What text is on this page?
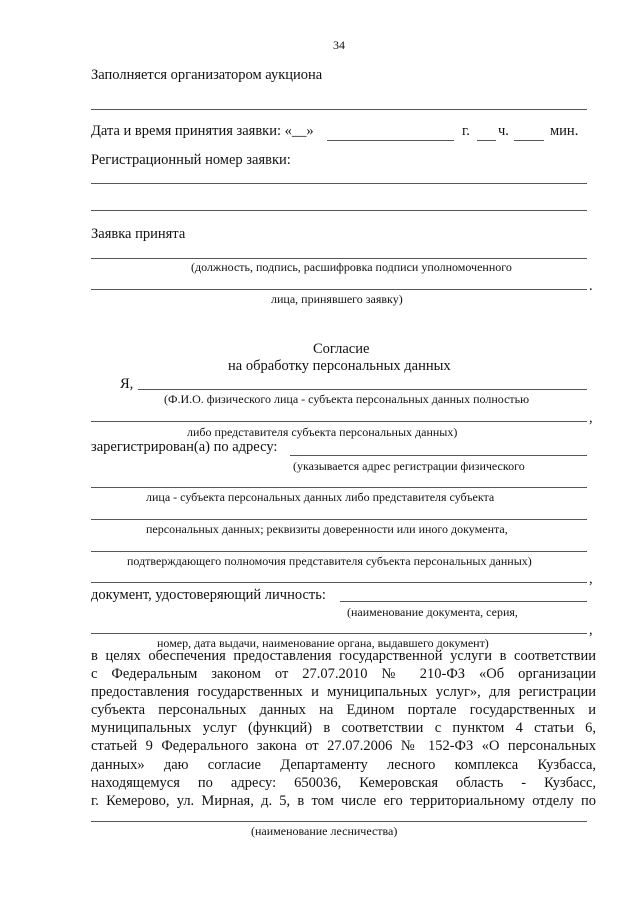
34
Заполняется организатором аукциона
Дата и время принятия заявки: «__»	г. ч.	мин.
Регистрационный номер заявки:
Заявка принята
(должность, подпись, расшифровка подписи уполномоченного
.
лица, принявшего заявку)
Согласие
на обработку персональных данных
Я,
(Ф.И.О. физического лица - субъекта персональных данных полностью
,
либо представителя субъекта персональных данных)
зарегистрирован(а) по адресу:
(указывается адрес регистрации физического
лица - субъекта персональных данных либо представителя субъекта
персональных данных; реквизиты доверенности или иного документа,
подтверждающего полномочия представителя субъекта персональных данных)
,
документ, удостоверяющий личность:
(наименование документа, серия,
,
номер, дата выдачи, наименование органа, выдавшего документ)
в целях обеспечения предоставления государственной услуги в соответствии
с Федеральным законом от 27.07.2010 № 210-ФЗ «Об организации
предоставления государственных и муниципальных услуг», для регистрации
субъекта персональных данных на Едином портале государственных и
муниципальных услуг (функций) в соответствии с пунктом 4 статьи 6,
статьей 9 Федерального закона от 27.07.2006 № 152-ФЗ «О персональных
данных» даю согласие Департаменту лесного комплекса Кузбасса,
находящемуся по адресу: 650036, Кемеровская область - Кузбасс,
г. Кемерово, ул. Мирная, д. 5, в том числе его территориальному отделу по
(наименование лесничества)
